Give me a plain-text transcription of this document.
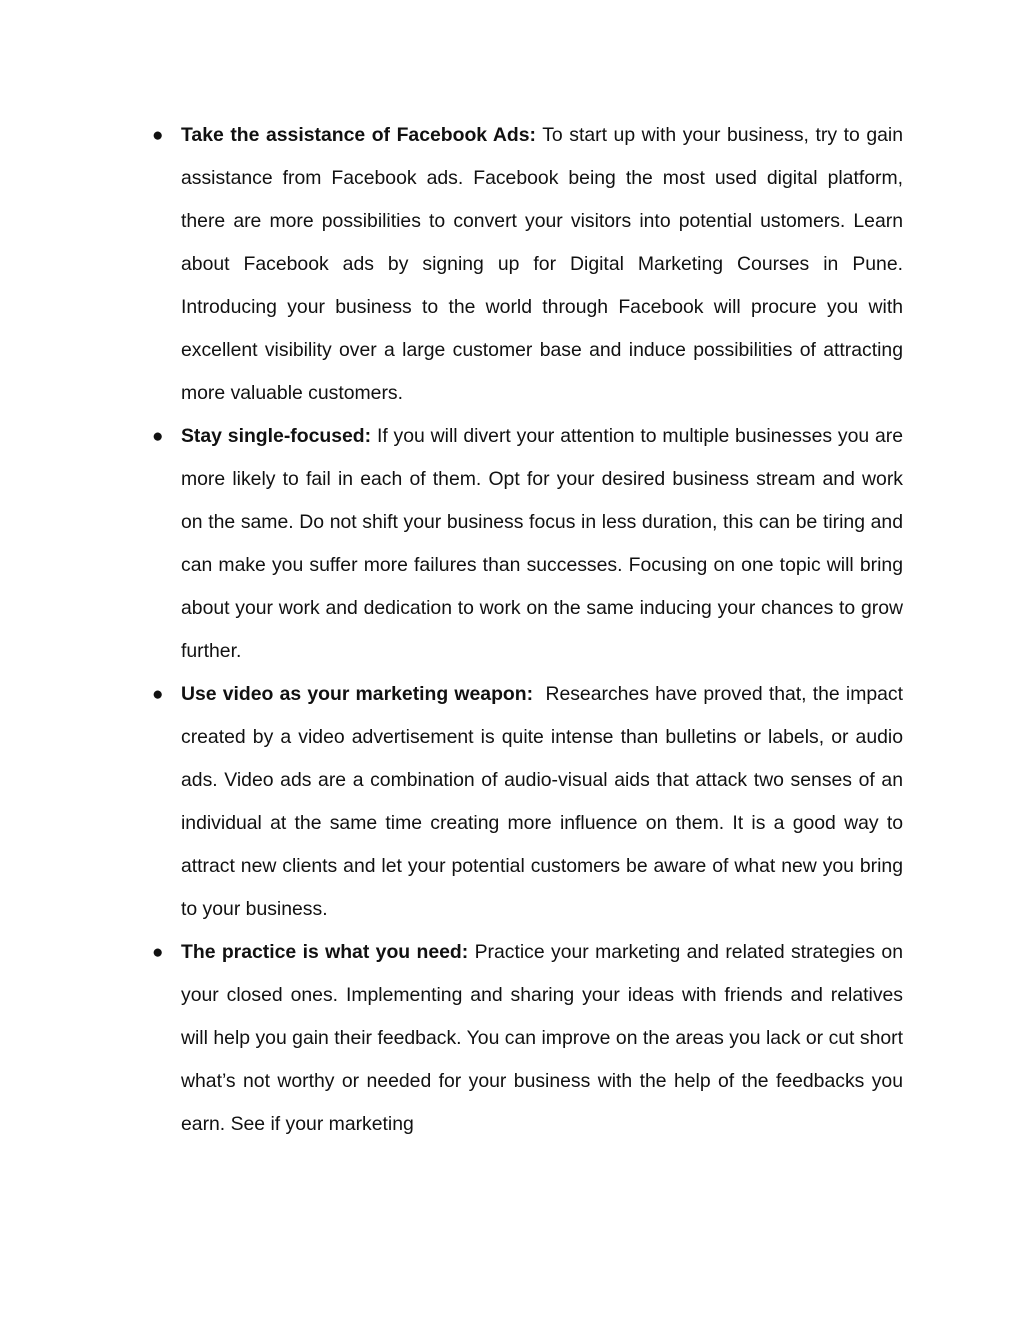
● Take the assistance of Facebook Ads: To start up with your business, try to gain assistance from Facebook ads. Facebook being the most used digital platform, there are more possibilities to convert your visitors into potential ustomers. Learn about Facebook ads by signing up for Digital Marketing Courses in Pune. Introducing your business to the world through Facebook will procure you with excellent visibility over a large customer base and induce possibilities of attracting more valuable customers.

● Stay single-focused: If you will divert your attention to multiple businesses you are more likely to fail in each of them. Opt for your desired business stream and work on the same. Do not shift your business focus in less duration, this can be tiring and can make you suffer more failures than successes. Focusing on one topic will bring about your work and dedication to work on the same inducing your chances to grow further.

● Use video as your marketing weapon: Researches have proved that, the impact created by a video advertisement is quite intense than bulletins or labels, or audio ads. Video ads are a combination of audio-visual aids that attack two senses of an individual at the same time creating more influence on them. It is a good way to attract new clients and let your potential customers be aware of what new you bring to your business.

● The practice is what you need: Practice your marketing and related strategies on your closed ones. Implementing and sharing your ideas with friends and relatives will help you gain their feedback. You can improve on the areas you lack or cut short what’s not worthy or needed for your business with the help of the feedbacks you earn. See if your marketing
